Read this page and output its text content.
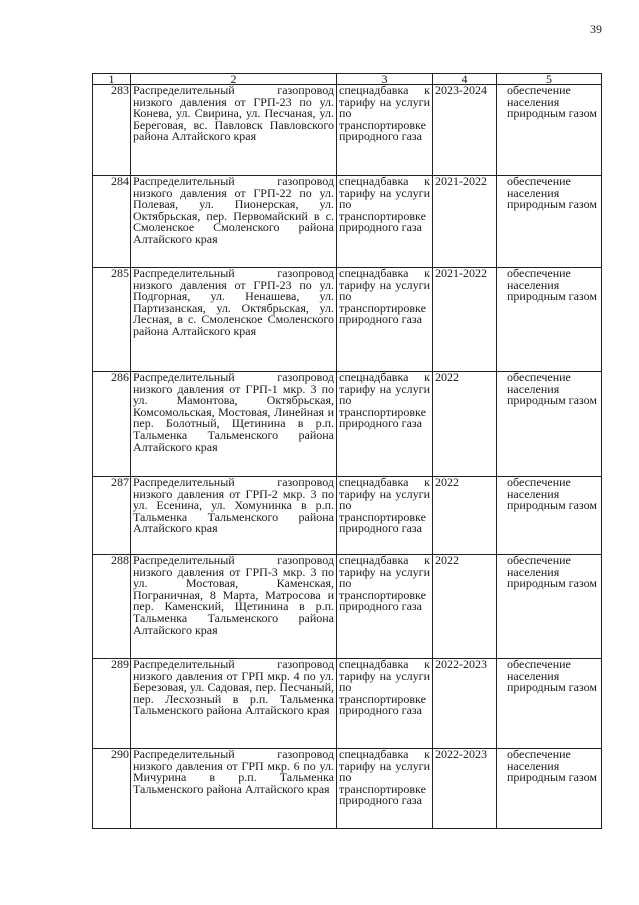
39
1	2	3	4	5
283	Распределительный газопровод низкого давления от ГРП-23 по ул. Конева, ул. Свирина, ул. Песчаная, ул. Береговая, вс. Павловск Павловского района Алтайского края	спецнадбавка к тарифу на услуги по транспортировке природного газа	2023-2024	обеспечение населения природным газом
284	Распределительный газопровод низкого давления от ГРП-22 по ул. Полевая, ул. Пионерская, ул. Октябрьская, пер. Первомайский в с. Смоленское Смоленского района Алтайского края	спецнадбавка к тарифу на услуги по транспортировке природного газа	2021-2022	обеспечение населения природным газом
285	Распределительный газопровод низкого давления от ГРП-23 по ул. Подгорная, ул. Ненашева, ул. Партизанская, ул. Октябрьская, ул. Лесная, в с. Смоленское Смоленского района Алтайского края	спецнадбавка к тарифу на услуги по транспортировке природного газа	2021-2022	обеспечение населения природным газом
286	Распределительный газопровод низкого давления от ГРП-1 мкр. 3 по ул. Мамонтова, Октябрьская, Комсомольская, Мостовая, Линейная и пер. Болотный, Щетинина в р.п. Тальменка Тальменского района Алтайского края	спецнадбавка к тарифу на услуги по транспортировке природного газа	2022	обеспечение населения природным газом
287	Распределительный газопровод низкого давления от ГРП-2 мкр. 3 по ул. Есенина, ул. Хомунинка в р.п. Тальменка Тальменского района Алтайского края	спецнадбавка к тарифу на услуги по транспортировке природного газа	2022	обеспечение населения природным газом
288	Распределительный газопровод низкого давления от ГРП-3 мкр. 3 по ул. Мостовая, Каменская, Пограничная, 8 Марта, Матросова и пер. Каменский, Щетинина в р.п. Тальменка Тальменского района Алтайского края	спецнадбавка к тарифу на услуги по транспортировке природного газа	2022	обеспечение населения природным газом
289	Распределительный газопровод низкого давления от ГРП мкр. 4 по ул. Березовая, ул. Садовая, пер. Песчаный, пер. Лесхозный в р.п. Тальменка Тальменского района Алтайского края	спецнадбавка к тарифу на услуги по транспортировке природного газа	2022-2023	обеспечение населения природным газом
290	Распределительный газопровод низкого давления от ГРП мкр. 6 по ул. Мичурина в р.п. Тальменка Тальменского района Алтайского края	спецнадбавка к тарифу на услуги по транспортировке природного газа	2022-2023	обеспечение населения природным газом
